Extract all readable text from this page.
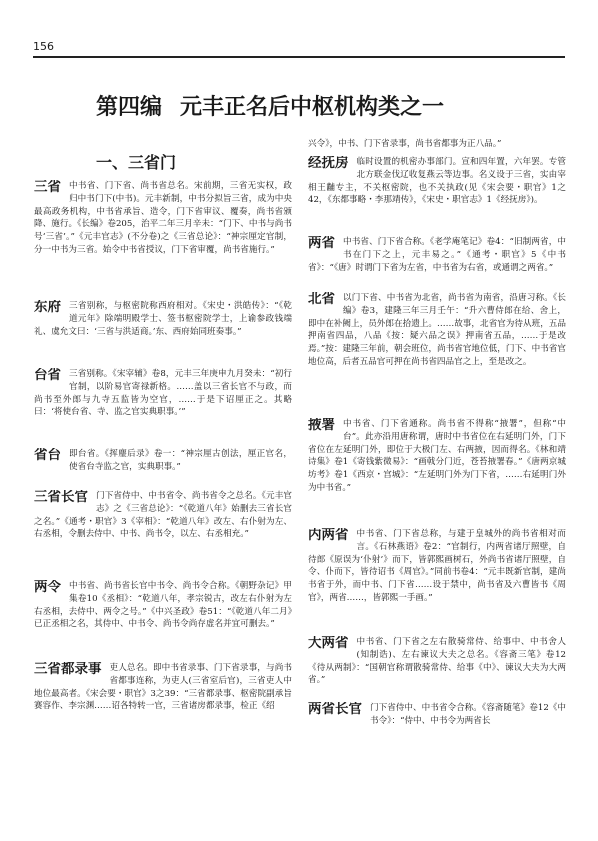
156
第四编 元丰正名后中枢机构类之一
一、三省门
三省 中书省、门下省、尚书省总名。宋前期，三省无实权，政归中书门下(中书)。元丰新制，中书分拟旨三省，成为中央最高政务机构，中书省承旨、造令，门下省审议、覆奏，尚书省颁降、施行。《长编》卷205，治平二年三月辛未：“门下、中书与尚书号‘三省’。”《元丰官志》(不分卷)之《三省总论》：“神宗厘定官制，分一中书为三省。始令中书省授议，门下省审覆，尚书省施行。”
东府 三省别称，与枢密院称西府相对。《宋史・洪皓传》：“《乾道元年》除端明殿学士、签书枢密院学士，上谕参政钱端礼、虞允文曰：‘三省与洪适商。’东、西府始同班奏事。”
台省 三省别称。《宋宰辅》卷8，元丰三年庚申九月癸未：“初行官制，以阶易官寄禄新格。……盖以三省长官不与政，而尚书至外郎与九寺五监皆为空官，……于是下诏厘正之。其略曰：‘将使台省、寺、监之官实典职事。’”
省台 即台省。《挥麈后录》卷一：“神宗厘古创法，厘正官名，使省台寺监之官，实典职事。”
三省长官 门下省侍中、中书省令、尚书省令之总名。《元丰官志》之《三省总论》：“《乾道八年》始删去三省长官之名。”《通考・职官》3《宰相》：“乾道八年》改左、右仆射为左、右丞相，令删去侍中、中书、尚书令，以左、右丞相充。”
两令 中书省、尚书省长官中书令、尚书令合称。《朝野杂记》甲集卷10《丞相》：“乾道八年，孝宗锐古，改左右仆射为左右丞相，去侍中、两令之号。”《中兴圣政》卷51：“《乾道八年二月》已正丞相之名，其侍中、中书令、尚书令尚存虚名并宜可删去。”
三省都录事 吏人总名。即中书省录事、门下省录事，与尚书省都事连称，为吏人(三省室后官)，三省吏人中地位最高者。《宋会要・职官》3之39：“三省都录事、枢密院副承旨赛容作、李宗渊……诏各特转一官，三省诸房都录事，检正《绍
兴令》，中书、门下省录事，尚书省都事为正八品。”
经抚房 临时设置的机密办事部门。宣和四年置，六年罢。专管北方联金伐辽收复燕云等边事。名义设于三省，实由宰相王黼专主，不关枢密院，也不关执政(见《宋会要・职官》1之42，《东都事略・李那靖传》，《宋史・职官志》1《经抚房》)。
两省 中书省、门下省合称。《老学庵笔记》卷4：“旧制两省，中书在门下之上，元丰易之。”《通考・职官》5《中书省》：“《唐》时谓门下省为左省，中书省为右省，或通谓之两省。”
北省 以门下省、中书省为北省，尚书省为南省，沿唐习称。《长编》卷3，建隆三年三月壬午：“升六曹侍郎在给、舍上，即中在补阙上，员外郎在拾遗上。……故事，北省官为待从班，五品押南省四品，八品《按：疑六品之误》押南省五品，……于是改焉。”按：建隆三年前，朝会班位，尚书省官地位低，门下、中书省官地位高，后者五品官可押在尚书省四品官之上，至是改之。
掖署 中书省、门下省通称。尚书省不得称“掖署”，但称“中台”。此亦沿用唐称谓，唐时中书省位在右延明门外，门下省位在左延明门外，即位于大极门左、右两掖，因而得名。《林和靖诗集》卷1《寄钱紫微易》：“画戟分门近，苍苔掖署春。”《唐两京城坊考》卷1《西京・宫城》：“左延明门外为门下省，……右延明门外为中书省。”
内两省 中书省、门下省总称，与建于皇城外的尚书省相对而言。《石林燕语》卷2：“官制行，内两省诸厅照壁，自待郎《原误为‘仆射’》而下，皆郭熙画树石，外尚书省诸厅照壁，自令、仆而下，皆待诏书《周官》。”同前书卷4：“元丰既新官制，建尚书省于外，而中书、门下省……设于禁中，尚书省及六曹皆书《周官》，两省……，皆郭熙一手画。”
大两省 中书省、门下省之左右散骑常侍、给事中、中书舍人(知制诰)、左右谏议大夫之总名。《容斋三笔》卷12《待从两制》：“国朝官称谓散骑常侍、给事《中》、谏议大夫为大两省。”
两省长官 门下省侍中、中书省令合称。《容斋随笔》卷12《中书令》：“侍中、中书令为两省长
